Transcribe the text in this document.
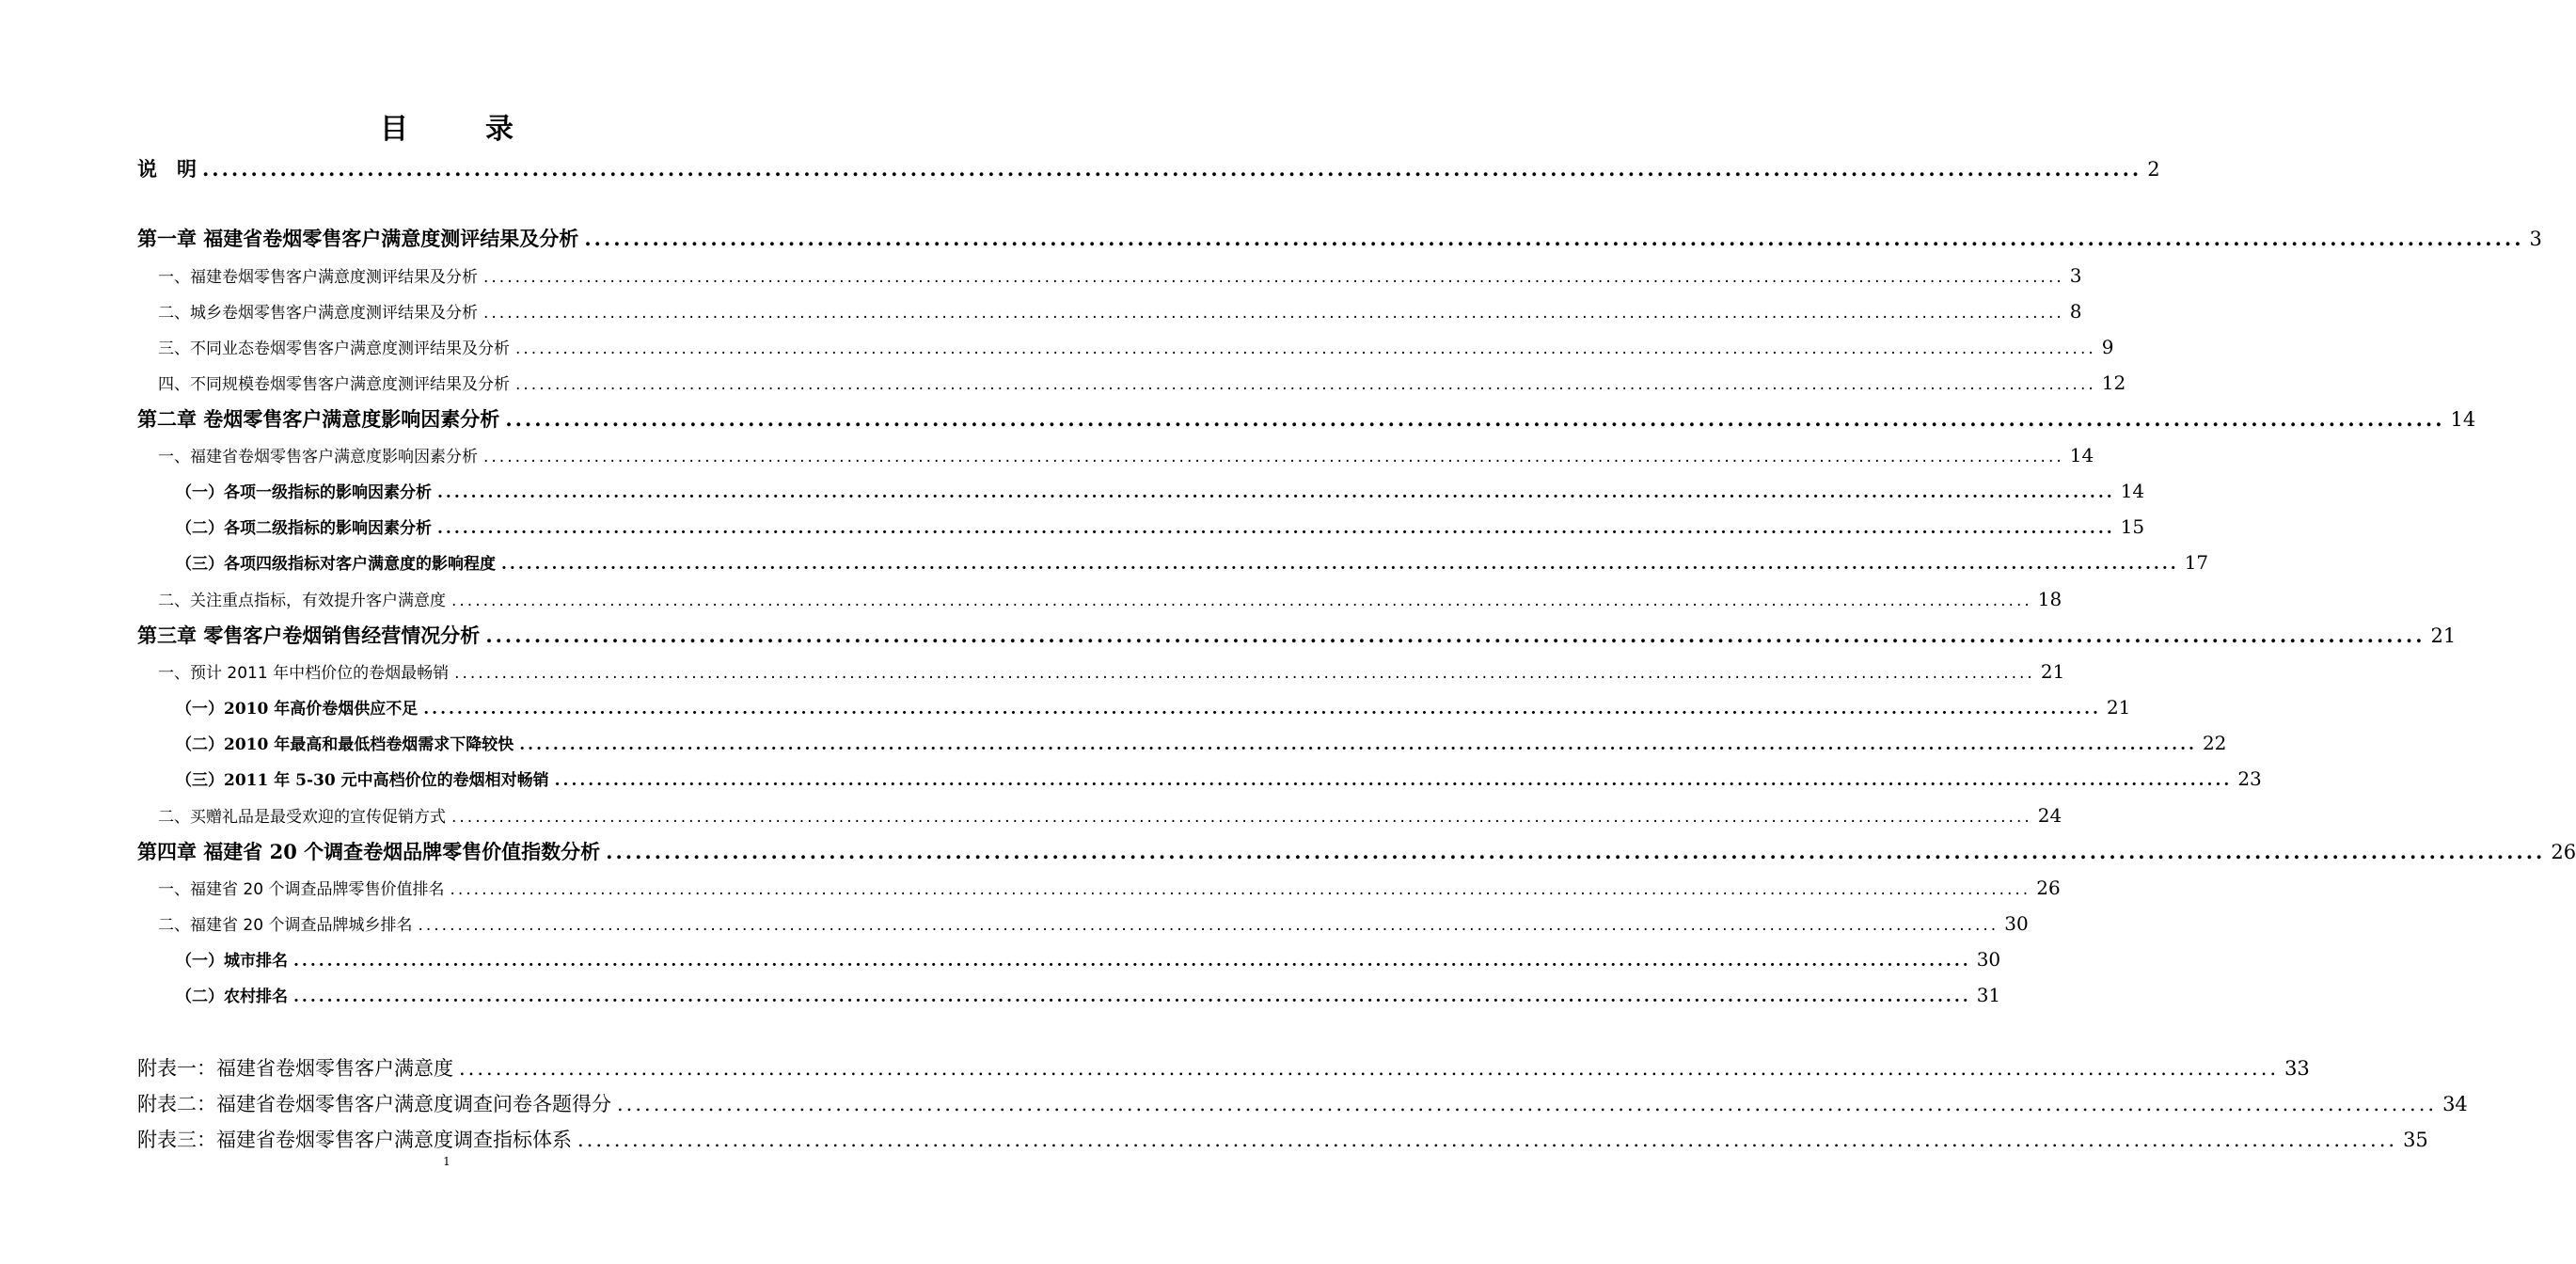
目　录
说　明 ........................................................................................................................................................................................................ 2
第一章 福建省卷烟零售客户满意度测评结果及分析 ........................................................................................................................................................................................................ 3
一、福建卷烟零售客户满意度测评结果及分析 ........................................................................................................................................................................................................ 3
二、城乡卷烟零售客户满意度测评结果及分析 ........................................................................................................................................................................................................ 8
三、不同业态卷烟零售客户满意度测评结果及分析 ........................................................................................................................................................................................................ 9
四、不同规模卷烟零售客户满意度测评结果及分析 ........................................................................................................................................................................................................ 12
第二章 卷烟零售客户满意度影响因素分析 ........................................................................................................................................................................................................ 14
一、福建省卷烟零售客户满意度影响因素分析 ........................................................................................................................................................................................................ 14
（一）各项一级指标的影响因素分析 ........................................................................................................................................................................................................ 14
（二）各项二级指标的影响因素分析 ........................................................................................................................................................................................................ 15
（三）各项四级指标对客户满意度的影响程度 ........................................................................................................................................................................................................ 17
二、关注重点指标，有效提升客户满意度 ........................................................................................................................................................................................................ 18
第三章 零售客户卷烟销售经营情况分析 ........................................................................................................................................................................................................ 21
一、预计 2011 年中档价位的卷烟最畅销 ........................................................................................................................................................................................................ 21
（一）2010 年高价卷烟供应不足 ........................................................................................................................................................................................................ 21
（二）2010 年最高和最低档卷烟需求下降较快 ........................................................................................................................................................................................................ 22
（三）2011 年 5-30 元中高档价位的卷烟相对畅销 ........................................................................................................................................................................................................ 23
二、买赠礼品是最受欢迎的宣传促销方式 ........................................................................................................................................................................................................ 24
第四章 福建省 20 个调查卷烟品牌零售价值指数分析 ........................................................................................................................................................................................................ 26
一、福建省 20 个调查品牌零售价值排名 ........................................................................................................................................................................................................ 26
二、福建省 20 个调查品牌城乡排名 ........................................................................................................................................................................................................ 30
（一）城市排名 ........................................................................................................................................................................................................ 30
（二）农村排名 ........................................................................................................................................................................................................ 31
附表一：福建省卷烟零售客户满意度 ........................................................................................................................................................................................................ 33
附表二：福建省卷烟零售客户满意度调查问卷各题得分 ........................................................................................................................................................................................................ 34
附表三：福建省卷烟零售客户满意度调查指标体系 ........................................................................................................................................................................................................ 35
1
